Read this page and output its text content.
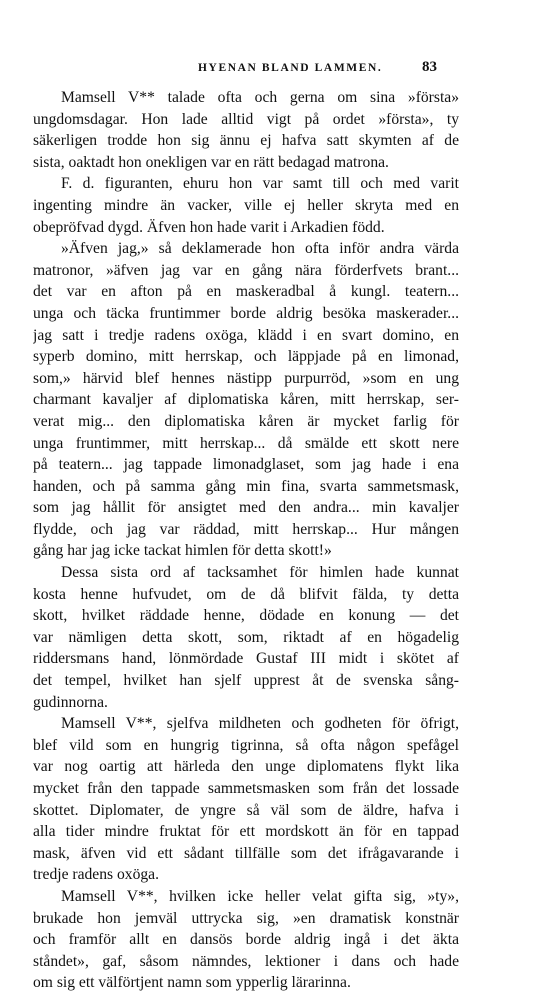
HYENAN BLAND LAMMEN.	83
Mamsell V** talade ofta och gerna om sina »första»
ungdomsdagar. Hon lade alltid vigt på ordet »första», ty
säkerligen trodde hon sig ännu ej hafva satt skymten af de
sista, oaktadt hon onekligen var en rätt bedagad matrona.
F. d. figuranten, ehuru hon var samt till och med varit
ingenting mindre än vacker, ville ej heller skryta med en
obepröfvad dygd. Äfven hon hade varit i Arkadien född.
»Äfven jag,» så deklamerade hon ofta inför andra värda
matronor, »äfven jag var en gång nära förderfvets brant...
det var en afton på en maskeradbal å kungl. teatern...
unga och täcka fruntimmer borde aldrig besöka maskerader...
jag satt i tredje radens oxöga, klädd i en svart domino, en
syperb domino, mitt herrskap, och läppjade på en limonad,
som,» härvid blef hennes nästipp purpurröd, »som en ung
charmant kavaljer af diplomatiska kåren, mitt herrskap, ser-
verat mig... den diplomatiska kåren är mycket farlig för
unga fruntimmer, mitt herrskap... då smälde ett skott nere
på teatern... jag tappade limonadglaset, som jag hade i ena
handen, och på samma gång min fina, svarta sammetsmask,
som jag hållit för ansigtet med den andra... min kavaljer
flydde, och jag var räddad, mitt herrskap... Hur mången
gång har jag icke tackat himlen för detta skott!»
Dessa sista ord af tacksamhet för himlen hade kunnat
kosta henne hufvudet, om de då blifvit fälda, ty detta
skott, hvilket räddade henne, dödade en konung — det
var nämligen detta skott, som, riktadt af en högadelig
riddersmans hand, lönmördade Gustaf III midt i skötet af
det tempel, hvilket han sjelf upprest åt de svenska sång-
gudinnorna.
Mamsell V**, sjelfva mildheten och godheten för öfrigt,
blef vild som en hungrig tigrinna, så ofta någon spefågel
var nog oartig att härleda den unge diplomatens flykt lika
mycket från den tappade sammetsmasken som från det lossade
skottet. Diplomater, de yngre så väl som de äldre, hafva i
alla tider mindre fruktat för ett mordskott än för en tappad
mask, äfven vid ett sådant tillfälle som det ifrågavarande i
tredje radens oxöga.
Mamsell V**, hvilken icke heller velat gifta sig, »ty»,
brukade hon jemväl uttrycka sig, »en dramatisk konstnär
och framför allt en dansös borde aldrig ingå i det äkta
ståndet», gaf, såsom nämndes, lektioner i dans och hade
om sig ett välförtjent namn som ypperlig lärarinna.
